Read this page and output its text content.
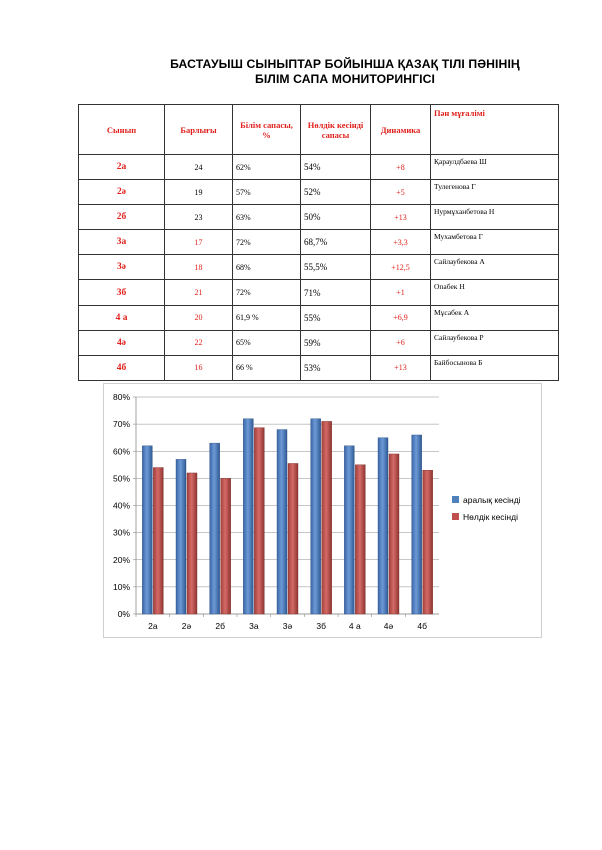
БАСТАУЫШ СЫНЫПТАР БОЙЫНША ҚАЗАҚ ТІЛІ ПӘНІНІҢ
БІЛІМ САПА МОНИТОРИНГІСІ
Сынып	Барлығы	Білім сапасы, %	Нөлдік кесінді сапасы	Динамика	Пән мұғалімі
2а	24	62%	54%	+8	Қараулдбаева Ш
2ә	19	57%	52%	+5	Тулегенова Г
2б	23	63%	50%	+13	Нурмұханбетова Н
3а	17	72%	68,7%	+3,3	Мухамбетова Г
3ә	18	68%	55,5%	+12,5	Сайлаубекова А
3б	21	72%	71%	+1	Опабек Н
4 а	20	61,9 %	55%	+6,9	Мұсабек А
4ә	22	65%	59%	+6	Сайлаубекова Р
4б	16	66 %	53%	+13	Байбосынова Б
0%
10%
20%
30%
40%
50%
60%
70%
80%
2а	2ә	2б	3а	3ә	3б	4 а	4ә	4б
аралық кесінді
Нөлдік кесінді
